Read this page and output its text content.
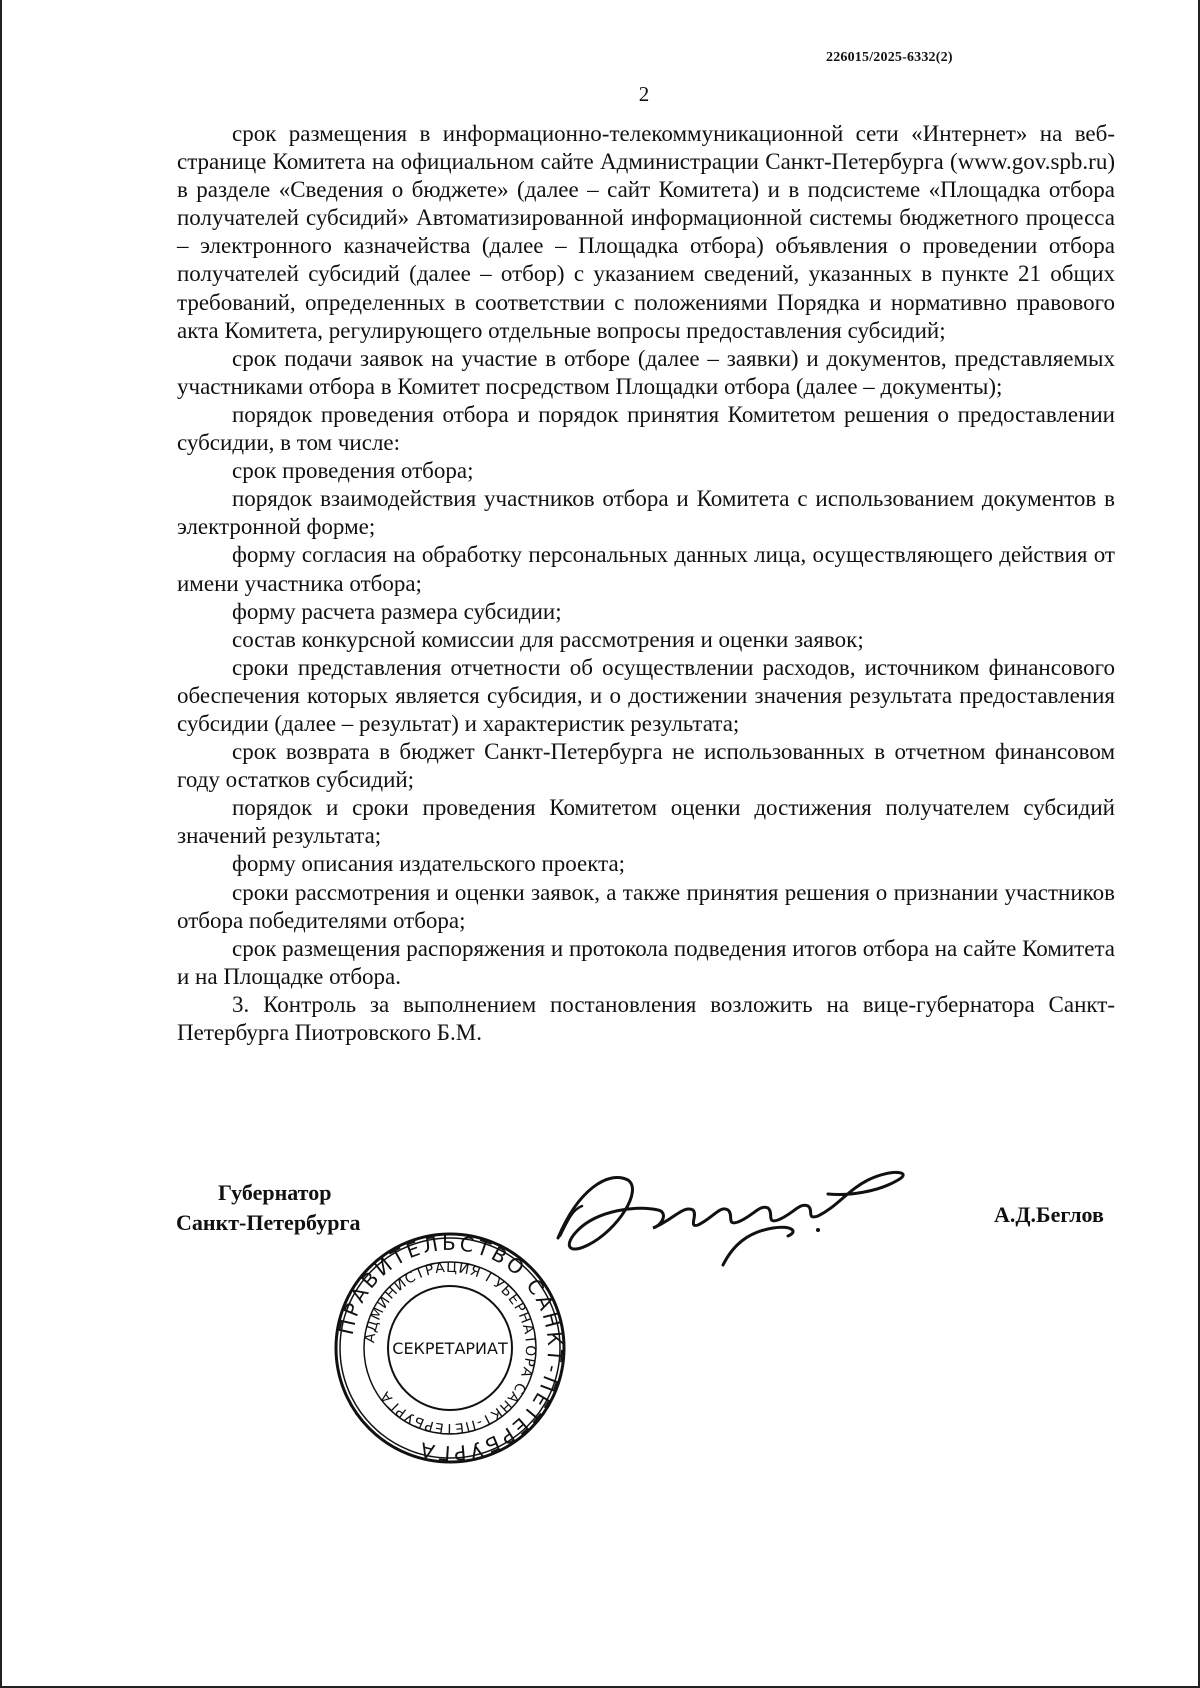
226015/2025-6332(2)
2

срок размещения в информационно-телекоммуникационной сети «Интернет» на веб-странице Комитета на официальном сайте Администрации Санкт-Петербурга (www.gov.spb.ru) в разделе «Сведения о бюджете» (далее – сайт Комитета) и в подсистеме «Площадка отбора получателей субсидий» Автоматизированной информационной системы бюджетного процесса – электронного казначейства (далее – Площадка отбора) объявления о проведении отбора получателей субсидий (далее – отбор) с указанием сведений, указанных в пункте 21 общих требований, определенных в соответствии с положениями Порядка и нормативно правового акта Комитета, регулирующего отдельные вопросы предоставления субсидий;

срок подачи заявок на участие в отборе (далее – заявки) и документов, представляемых участниками отбора в Комитет посредством Площадки отбора (далее – документы);

порядок проведения отбора и порядок принятия Комитетом решения о предоставлении субсидии, в том числе:

срок проведения отбора;

порядок взаимодействия участников отбора и Комитета с использованием документов в электронной форме;

форму согласия на обработку персональных данных лица, осуществляющего действия от имени участника отбора;

форму расчета размера субсидии;

состав конкурсной комиссии для рассмотрения и оценки заявок;

сроки представления отчетности об осуществлении расходов, источником финансового обеспечения которых является субсидия, и о достижении значения результата предоставления субсидии (далее – результат) и характеристик результата;

срок возврата в бюджет Санкт-Петербурга не использованных в отчетном финансовом году остатков субсидий;

порядок и сроки проведения Комитетом оценки достижения получателем субсидий значений результата;

форму описания издательского проекта;

сроки рассмотрения и оценки заявок, а также принятия решения о признании участников отбора победителями отбора;

срок размещения распоряжения и протокола подведения итогов отбора на сайте Комитета и на Площадке отбора.

3. Контроль за выполнением постановления возложить на вице-губернатора Санкт-Петербурга Пиотровского Б.М.

Губернатор
Санкт-Петербурга	А.Д.Беглов
ПРАВИТЕЛЬСТВО САНКТ-ПЕТЕРБУРГА
АДМИНИСТРАЦИЯ ГУБЕРНАТОРА САНКТ-ПЕТЕРБУРГА
СЕКРЕТАРИАТ
